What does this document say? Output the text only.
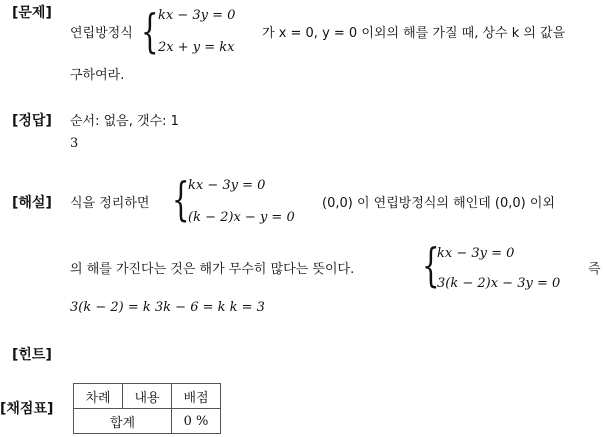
[문제]
[정답]
[해설]
[힌트]
[채점표]
연립방정식 { kx − 3y = 0
2x + y = kx
가 x = 0, y = 0 이외의 해를 가질 때, 상수 k 의 값을
구하여라.
순서: 없음, 갯수: 1
3
식을 정리하면 {
kx − 3y = 0
(k − 2)x − y = 0
(0,0) 이 연립방정식의 해인데 (0,0) 이외
의 해를 가진다는 것은 해가 무수히 많다는 뜻이다. {
kx − 3y = 0
3(k − 2)x − 3y = 0
즉
3(k − 2) = k 3k − 6 = k k = 3
차례	내용	배점
합계		0 %
